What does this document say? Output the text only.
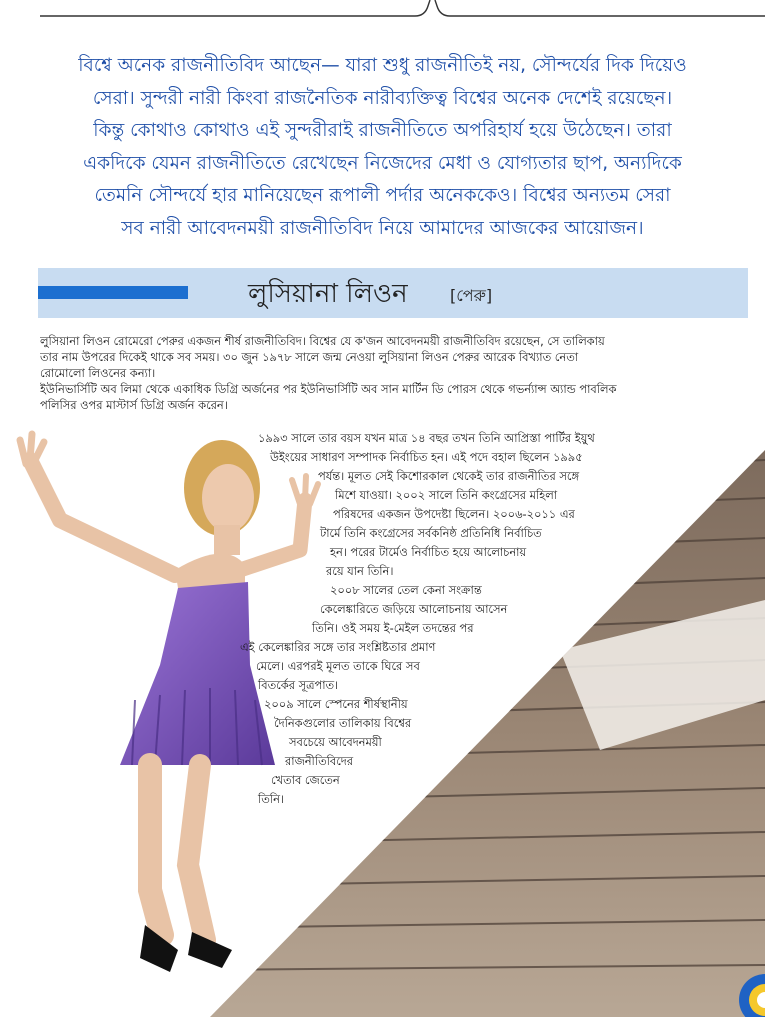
বিশ্বে অনেক রাজনীতিবিদ আছেন— যারা শুধু রাজনীতিই নয়, সৌন্দর্যের দিক দিয়েও
সেরা। সুন্দরী নারী কিংবা রাজনৈতিক নারীব্যক্তিত্ব বিশ্বের অনেক দেশেই রয়েছেন।
কিন্তু কোথাও কোথাও এই সুন্দরীরাই রাজনীতিতে অপরিহার্য হয়ে উঠেছেন। তারা
একদিকে যেমন রাজনীতিতে রেখেছেন নিজেদের মেধা ও যোগ্যতার ছাপ, অন্যদিকে
তেমনি সৌন্দর্যে হার মানিয়েছেন রূপালী পর্দার অনেককেও। বিশ্বের অন্যতম সেরা
সব নারী আবেদনময়ী রাজনীতিবিদ নিয়ে আমাদের আজকের আয়োজন।
লুসিয়ানা লিওন	[পেরু]
লুসিয়ানা লিওন রোমেরো পেরুর একজন শীর্ষ রাজনীতিবিদ। বিশ্বের যে ক'জন আবেদনময়ী রাজনীতিবিদ রয়েছেন, সে তালিকায়
তার নাম উপরের দিকেই থাকে সব সময়। ৩০ জুন ১৯৭৮ সালে জন্ম নেওয়া লুসিয়ানা লিওন পেরুর আরেক বিখ্যাত নেতা
রোমোলো লিওনের কন্যা।
ইউনিভার্সিটি অব লিমা থেকে একাধিক ডিগ্রি অর্জনের পর ইউনিভার্সিটি অব সান মার্টিন ডি পোরস থেকে গভর্ন্যান্স অ্যান্ড পাবলিক
পলিসির ওপর মাস্টার্স ডিগ্রি অর্জন করেন।
১৯৯৩ সালে তার বয়স যখন মাত্র ১৪ বছর তখন তিনি আপ্রিস্তা পার্টির ইয়ুথ
উইংয়ের সাধারণ সম্পাদক নির্বাচিত হন। এই পদে বহাল ছিলেন ১৯৯৫
পর্যন্ত। মূলত সেই কিশোরকাল থেকেই তার রাজনীতির সঙ্গে
মিশে যাওয়া। ২০০২ সালে তিনি কংগ্রেসের মহিলা
পরিষদের একজন উপদেষ্টা ছিলেন। ২০০৬-২০১১ এর
টার্মে তিনি কংগ্রেসের সর্বকনিষ্ঠ প্রতিনিধি নির্বাচিত
হন। পরের টার্মেও নির্বাচিত হয়ে আলোচনায়
রয়ে যান তিনি।
২০০৮ সালের তেল কেনা সংক্রান্ত
কেলেঙ্কারিতে জড়িয়ে আলোচনায় আসেন
তিনি। ওই সময় ই-মেইল তদন্তের পর
এই কেলেঙ্কারির সঙ্গে তার সংশ্লিষ্টতার প্রমাণ
মেলে। এরপরই মূলত তাকে ঘিরে সব
বিতর্কের সূত্রপাত।
২০০৯ সালে স্পেনের শীর্ষস্থানীয়
দৈনিকগুলোর তালিকায় বিশ্বের
সবচেয়ে আবেদনময়ী
রাজনীতিবিদের
খেতাব জেতেন
তিনি।
